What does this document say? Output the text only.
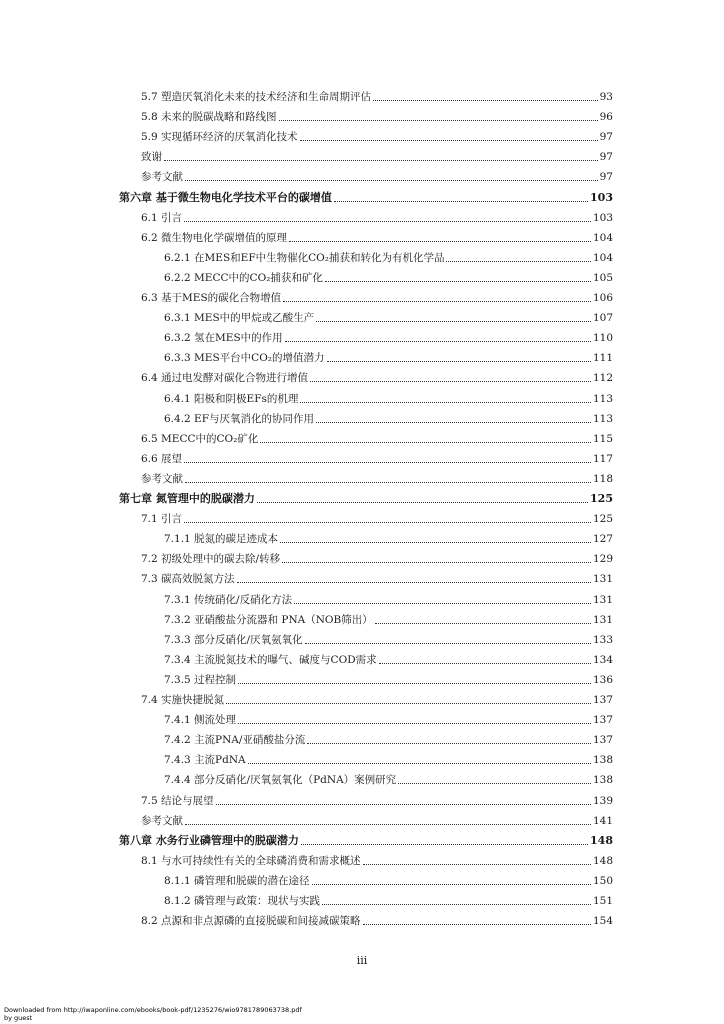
5.7 塑造厌氧消化未来的技术经济和生命周期评估	93
5.8 未来的脱碳战略和路线图	96
5.9 实现循环经济的厌氧消化技术	97
致谢	97
参考文献	97
第六章 基于微生物电化学技术平台的碳增值	103
6.1 引言	103
6.2 微生物电化学碳增值的原理	104
6.2.1 在MES和EF中生物催化CO₂捕获和转化为有机化学品	104
6.2.2 MECC中的CO₂捕获和矿化	105
6.3 基于MES的碳化合物增值	106
6.3.1 MES中的甲烷或乙酸生产	107
6.3.2 氢在MES中的作用	110
6.3.3 MES平台中CO₂的增值潜力	111
6.4 通过电发酵对碳化合物进行增值	112
6.4.1 阳极和阴极EFs的机理	113
6.4.2 EF与厌氧消化的协同作用	113
6.5 MECC中的CO₂矿化	115
6.6 展望	117
参考文献	118
第七章 氮管理中的脱碳潜力	125
7.1 引言	125
7.1.1 脱氮的碳足迹成本	127
7.2 初级处理中的碳去除/转移	129
7.3 碳高效脱氮方法	131
7.3.1 传统硝化/反硝化方法	131
7.3.2 亚硝酸盐分流器和 PNA（NOB筛出）	131
7.3.3 部分反硝化/厌氧氨氧化	133
7.3.4 主流脱氮技术的曝气、碱度与COD需求	134
7.3.5 过程控制	136
7.4 实施快捷脱氮	137
7.4.1 侧流处理	137
7.4.2 主流PNA/亚硝酸盐分流	137
7.4.3 主流PdNA	138
7.4.4 部分反硝化/厌氧氨氧化（PdNA）案例研究	138
7.5 结论与展望	139
参考文献	141
第八章 水务行业磷管理中的脱碳潜力	148
8.1 与水可持续性有关的全球磷消费和需求概述	148
8.1.1 磷管理和脱碳的潜在途径	150
8.1.2 磷管理与政策：现状与实践	151
8.2 点源和非点源磷的直接脱碳和间接减碳策略	154
iii
Downloaded from http://iwaponline.com/ebooks/book-pdf/1235276/wio9781789063738.pdf
by guest
